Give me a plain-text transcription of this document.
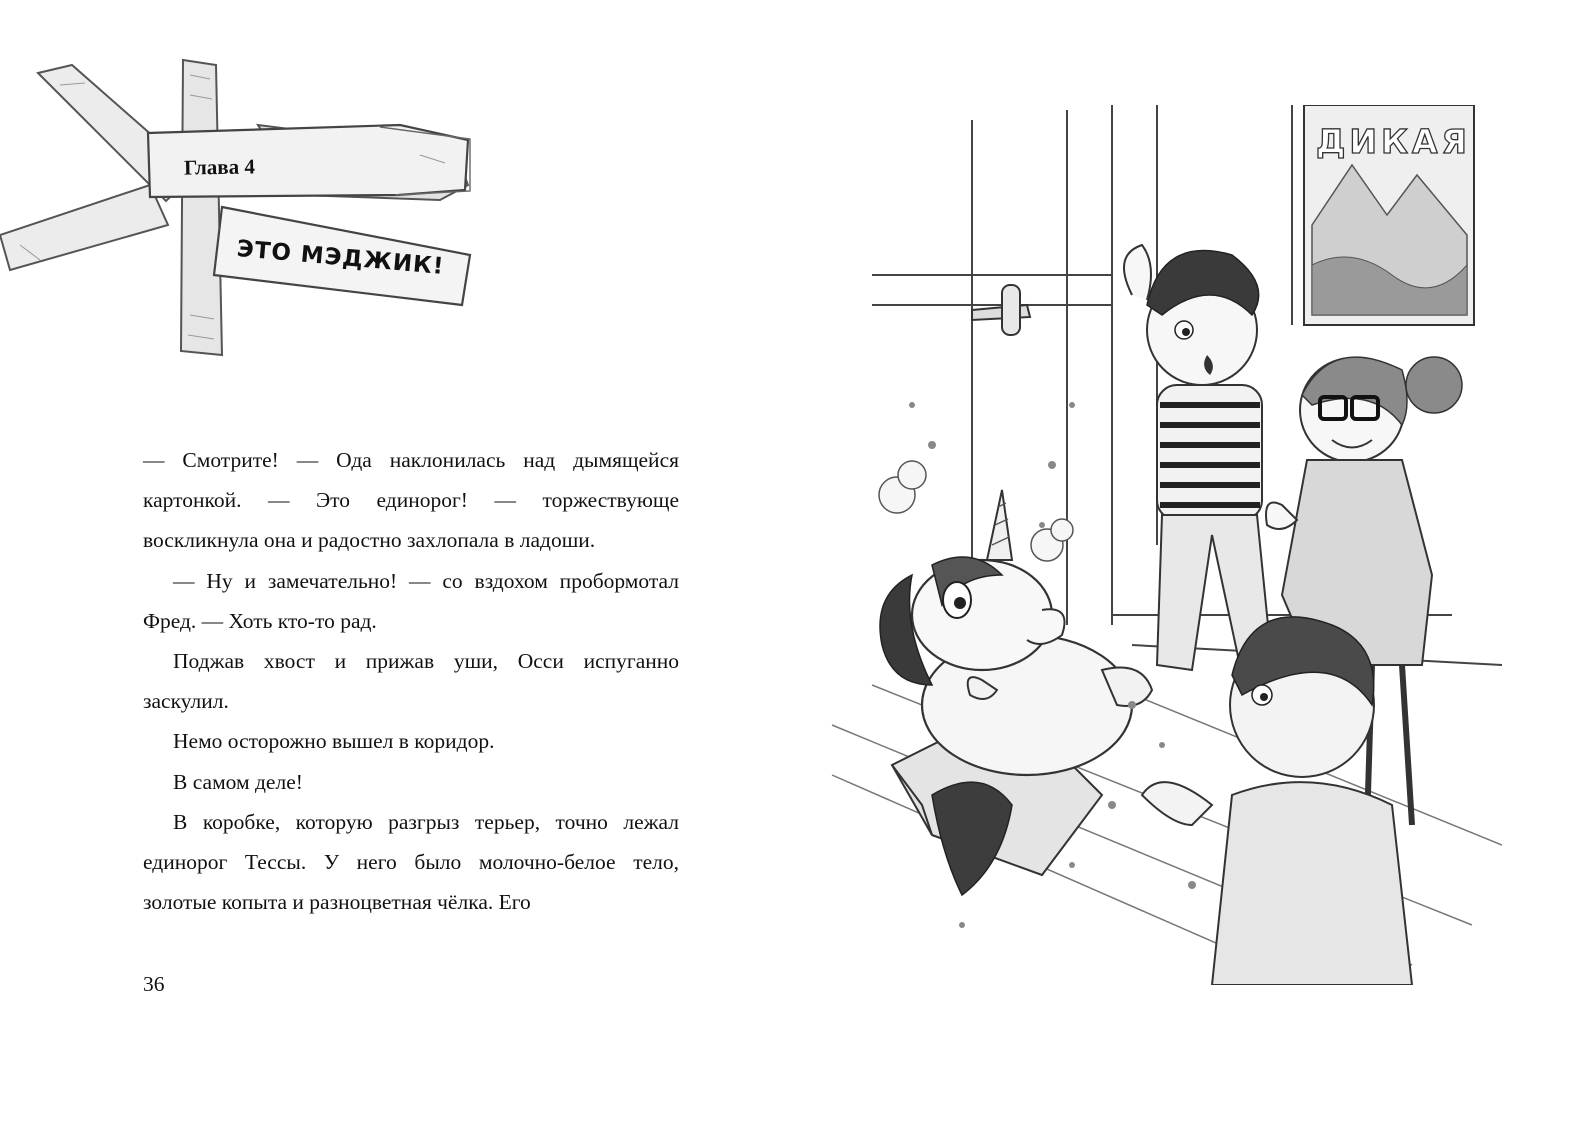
Глава 4
ЭТО МЭДЖИК!

— Смотрите! — Ода наклонилась над дымящейся картонкой. — Это единорог! — торжествующе воскликнула она и радостно захлопала в ладоши.

— Ну и замечательно! — со вздохом пробормотал Фред. — Хоть кто-то рад.

Поджав хвост и прижав уши, Осси испуганно заскулил.

Немо осторожно вышел в коридор.

В самом деле!

В коробке, которую разгрыз терьер, точно лежал единорог Тессы. У него было молочно-белое тело, золотые копыта и разноцветная чёлка. Его

36
ДИКАЯ
